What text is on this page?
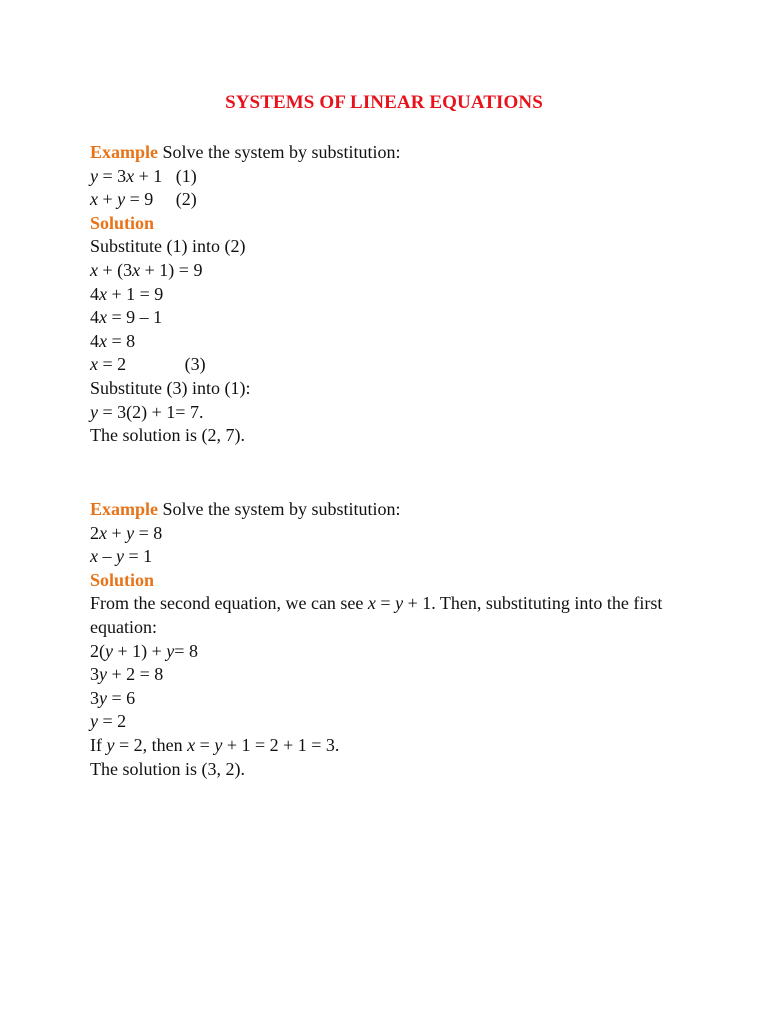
SYSTEMS OF LINEAR EQUATIONS
Example Solve the system by substitution:
y = 3x + 1   (1)
x + y = 9     (2)
Solution
Substitute (1) into (2)
x + (3x + 1) = 9
4x + 1 = 9
4x = 9 – 1
4x = 8
x = 2             (3)
Substitute (3) into (1):
y = 3(2) + 1= 7.
The solution is (2, 7).
Example Solve the system by substitution:
2x + y = 8
x – y = 1
Solution
From the second equation, we can see x = y + 1. Then, substituting into the first equation:
2(y + 1) + y= 8
3y + 2 = 8
3y = 6
y = 2
If y = 2, then x = y + 1 = 2 + 1 = 3.
The solution is (3, 2).
